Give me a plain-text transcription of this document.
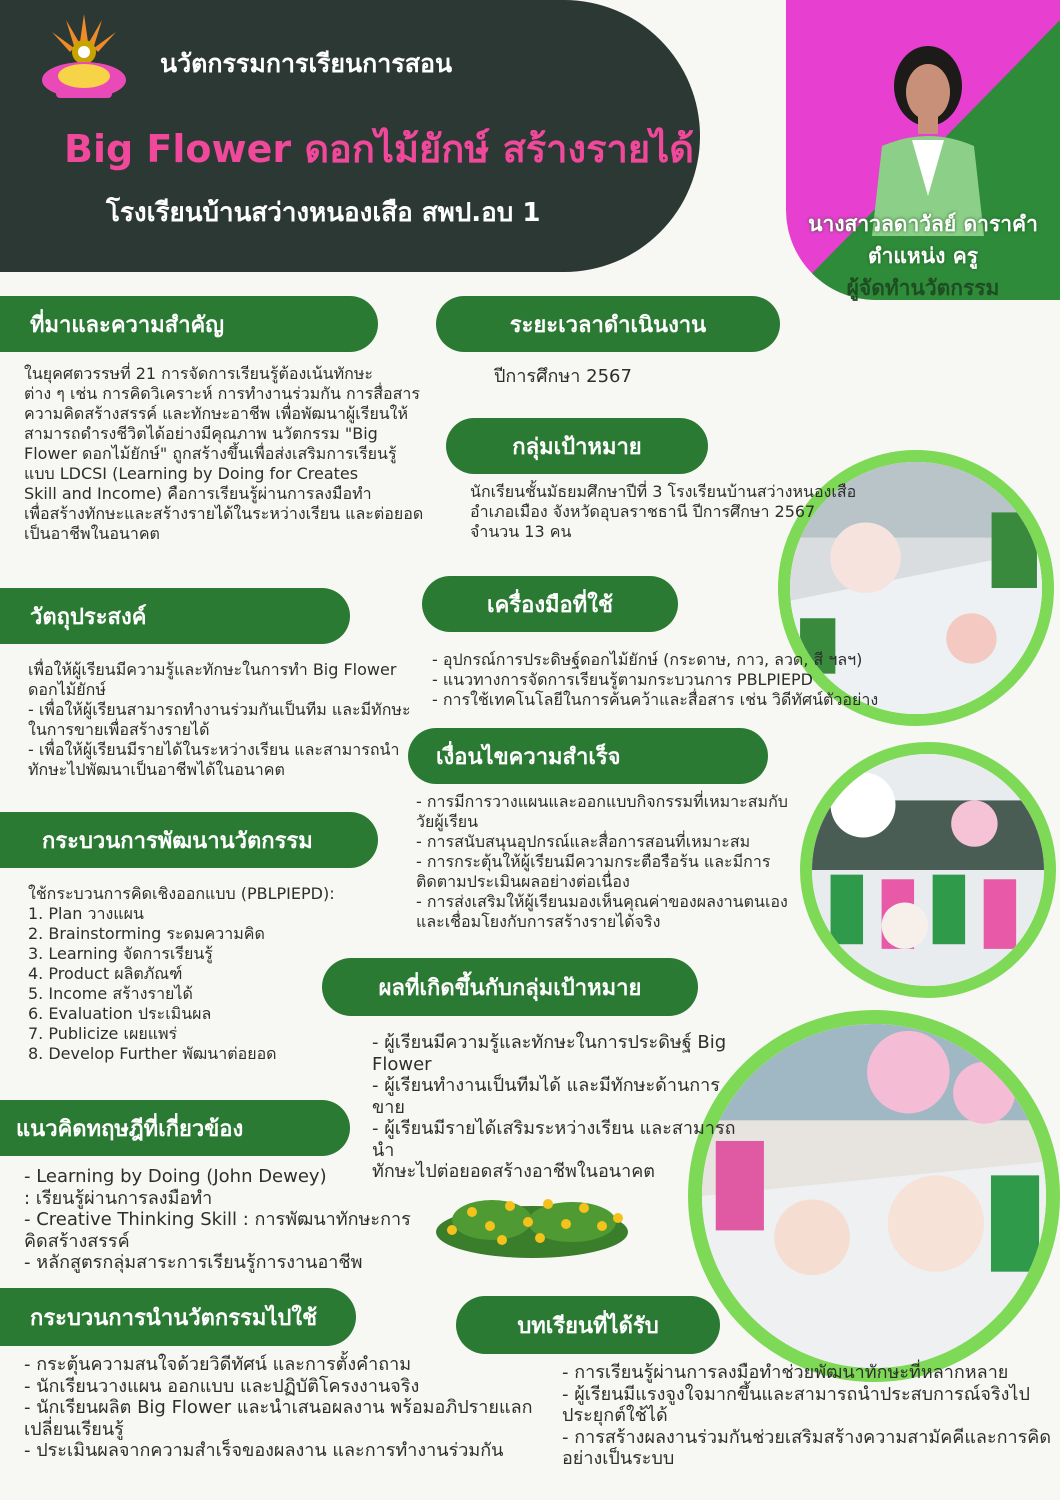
นวัตกรรมการเรียนการสอน
Big Flower ดอกไม้ยักษ์ สร้างรายได้
โรงเรียนบ้านสว่างหนองเสือ สพป.อบ 1	นางสาวลดาวัลย์ ดาราคำ
ตำแหน่ง ครู
ผู้จัดทำนวัตกรรม
ที่มาและความสำคัญ
ในยุคศตวรรษที่ 21 การจัดการเรียนรู้ต้องเน้นทักษะ
ต่าง ๆ เช่น การคิดวิเคราะห์ การทำงานร่วมกัน การสื่อสาร
ความคิดสร้างสรรค์ และทักษะอาชีพ เพื่อพัฒนาผู้เรียนให้
สามารถดำรงชีวิตได้อย่างมีคุณภาพ นวัตกรรม "Big
Flower ดอกไม้ยักษ์" ถูกสร้างขึ้นเพื่อส่งเสริมการเรียนรู้
แบบ LDCSI (Learning by Doing for Creates
Skill and Income) คือการเรียนรู้ผ่านการลงมือทำ
เพื่อสร้างทักษะและสร้างรายได้ในระหว่างเรียน และต่อยอด
เป็นอาชีพในอนาคต
วัตถุประสงค์
เพื่อให้ผู้เรียนมีความรู้และทักษะในการทำ Big Flower
ดอกไม้ยักษ์
- เพื่อให้ผู้เรียนสามารถทำงานร่วมกันเป็นทีม และมีทักษะ
ในการขายเพื่อสร้างรายได้
- เพื่อให้ผู้เรียนมีรายได้ในระหว่างเรียน และสามารถนำ
ทักษะไปพัฒนาเป็นอาชีพได้ในอนาคต
กระบวนการพัฒนานวัตกรรม
ใช้กระบวนการคิดเชิงออกแบบ (PBLPIEPD):
1. Plan วางแผน
2. Brainstorming ระดมความคิด
3. Learning จัดการเรียนรู้
4. Product ผลิตภัณฑ์
5. Income สร้างรายได้
6. Evaluation ประเมินผล
7. Publicize เผยแพร่
8. Develop Further พัฒนาต่อยอด
แนวคิดทฤษฎีที่เกี่ยวข้อง
- Learning by Doing (John Dewey)
: เรียนรู้ผ่านการลงมือทำ
- Creative Thinking Skill : การพัฒนาทักษะการ
คิดสร้างสรรค์
- หลักสูตรกลุ่มสาระการเรียนรู้การงานอาชีพ
กระบวนการนำนวัตกรรมไปใช้
- กระตุ้นความสนใจด้วยวิดีทัศน์ และการตั้งคำถาม
- นักเรียนวางแผน ออกแบบ และปฏิบัติโครงงานจริง
- นักเรียนผลิต Big Flower และนำเสนอผลงาน พร้อมอภิปรายแลก
เปลี่ยนเรียนรู้
- ประเมินผลจากความสำเร็จของผลงาน และการทำงานร่วมกัน
ระยะเวลาดำเนินงาน
ปีการศึกษา 2567
กลุ่มเป้าหมาย
นักเรียนชั้นมัธยมศึกษาปีที่ 3 โรงเรียนบ้านสว่างหนองเสือ
อำเภอเมือง จังหวัดอุบลราชธานี ปีการศึกษา 2567
จำนวน 13 คน
เครื่องมือที่ใช้
- อุปกรณ์การประดิษฐ์ดอกไม้ยักษ์ (กระดาษ, กาว, ลวด, สี ฯลฯ)
- แนวทางการจัดการเรียนรู้ตามกระบวนการ PBLPIEPD
- การใช้เทคโนโลยีในการค้นคว้าและสื่อสาร เช่น วิดีทัศน์ตัวอย่าง
เงื่อนไขความสำเร็จ
- การมีการวางแผนและออกแบบกิจกรรมที่เหมาะสมกับ
วัยผู้เรียน
- การสนับสนุนอุปกรณ์และสื่อการสอนที่เหมาะสม
- การกระตุ้นให้ผู้เรียนมีความกระตือรือร้น และมีการ
ติดตามประเมินผลอย่างต่อเนื่อง
- การส่งเสริมให้ผู้เรียนมองเห็นคุณค่าของผลงานตนเอง
และเชื่อมโยงกับการสร้างรายได้จริง
ผลที่เกิดขึ้นกับกลุ่มเป้าหมาย
- ผู้เรียนมีความรู้และทักษะในการประดิษฐ์ Big
Flower
- ผู้เรียนทำงานเป็นทีมได้ และมีทักษะด้านการขาย
- ผู้เรียนมีรายได้เสริมระหว่างเรียน และสามารถนำ
ทักษะไปต่อยอดสร้างอาชีพในอนาคต
บทเรียนที่ได้รับ
- การเรียนรู้ผ่านการลงมือทำช่วยพัฒนาทักษะที่หลากหลาย
- ผู้เรียนมีแรงจูงใจมากขึ้นและสามารถนำประสบการณ์จริงไป
ประยุกต์ใช้ได้
- การสร้างผลงานร่วมกันช่วยเสริมสร้างความสามัคคีและการคิด
อย่างเป็นระบบ
